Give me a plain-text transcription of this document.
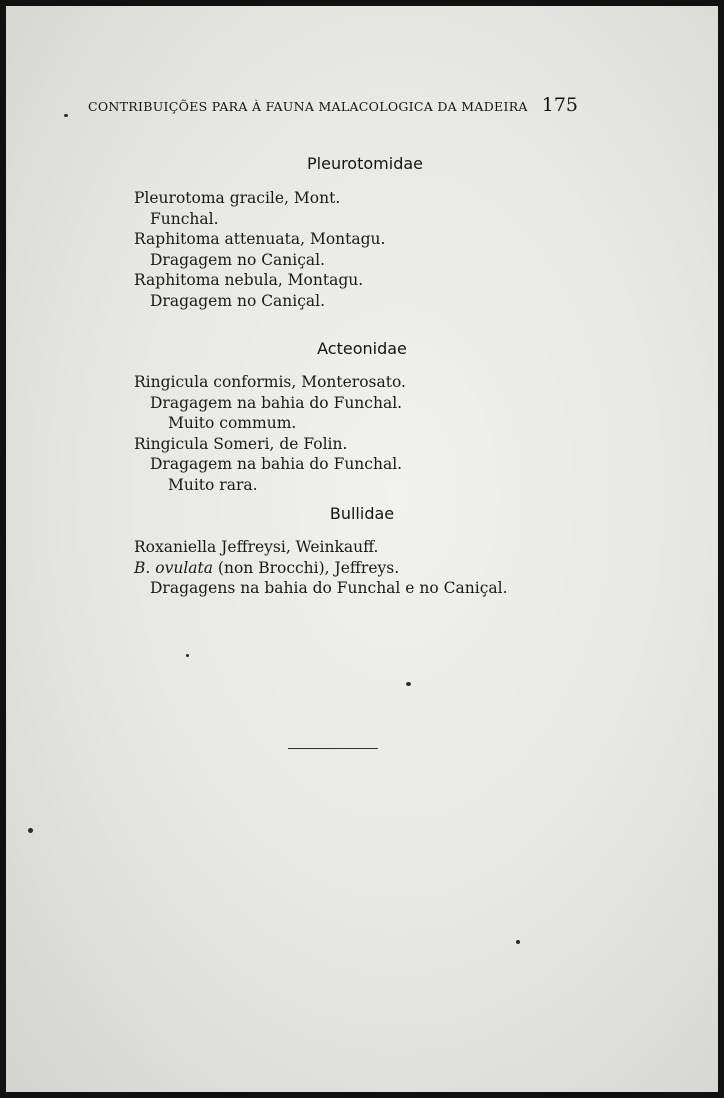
CONTRIBUIÇÕES PARA À FAUNA MALACOLOGICA DA MADEIRA 175
Pleurotomidae
Pleurotoma gracile, Mont.
Funchal.
Raphitoma attenuata, Montagu.
Dragagem no Caniçal.
Raphitoma nebula, Montagu.
Dragagem no Caniçal.
Acteonidae
Ringicula conformis, Monterosato.
Dragagem na bahia do Funchal.
Muito commum.
Ringicula Someri, de Folin.
Dragagem na bahia do Funchal.
Muito rara.
Bullidae
Roxaniella Jeffreysi, Weinkauff.
B. ovulata (non Brocchi), Jeffreys.
Dragagens na bahia do Funchal e no Caniçal.
